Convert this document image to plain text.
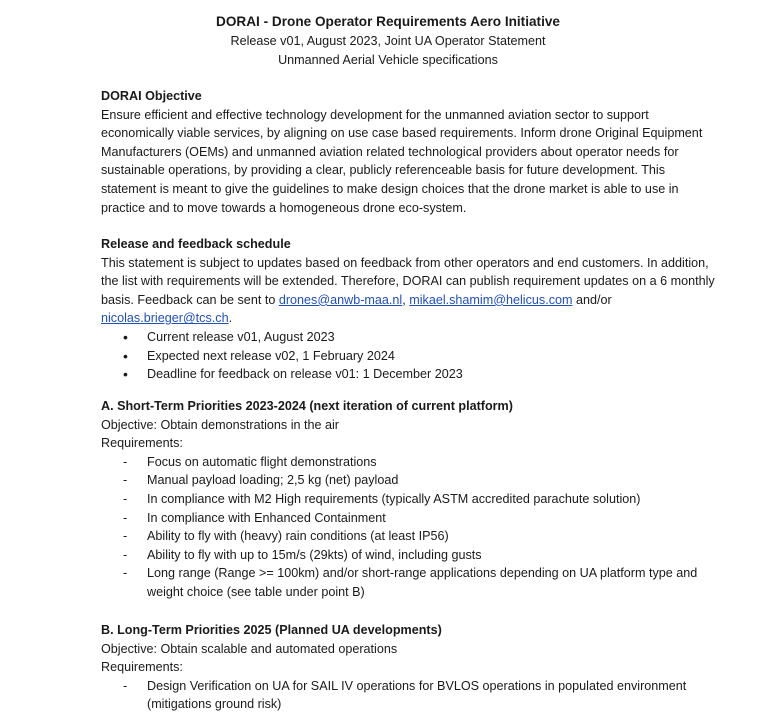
DORAI - Drone Operator Requirements Aero Initiative
Release v01, August 2023, Joint UA Operator Statement
Unmanned Aerial Vehicle specifications
DORAI Objective

Ensure efficient and effective technology development for the unmanned aviation sector to support economically viable services, by aligning on use case based requirements. Inform drone Original Equipment Manufacturers (OEMs) and unmanned aviation related technological providers about operator needs for sustainable operations, by providing a clear, publicly referenceable basis for future development. This statement is meant to give the guidelines to make design choices that the drone market is able to use in practice and to move towards a homogeneous drone eco-system.

Release and feedback schedule

This statement is subject to updates based on feedback from other operators and end customers. In addition, the list with requirements will be extended. Therefore, DORAI can publish requirement updates on a 6 monthly basis. Feedback can be sent to drones@anwb-maa.nl, mikael.shamim@helicus.com and/or nicolas.brieger@tcs.ch.

• Current release v01, August 2023
• Expected next release v02, 1 February 2024
• Deadline for feedback on release v01: 1 December 2023
A. Short-Term Priorities 2023-2024 (next iteration of current platform)

Objective: Obtain demonstrations in the air

Requirements:

- Focus on automatic flight demonstrations
- Manual payload loading; 2,5 kg (net) payload
- In compliance with M2 High requirements (typically ASTM accredited parachute solution)
- In compliance with Enhanced Containment
- Ability to fly with (heavy) rain conditions (at least IP56)
- Ability to fly with up to 15m/s (29kts) of wind, including gusts
- Long range (Range >= 100km) and/or short-range applications depending on UA platform type and weight choice (see table under point B)
B. Long-Term Priorities 2025 (Planned UA developments)

Objective: Obtain scalable and automated operations

Requirements:

- Design Verification on UA for SAIL IV operations for BVLOS operations in populated environment (mitigations ground risk)
